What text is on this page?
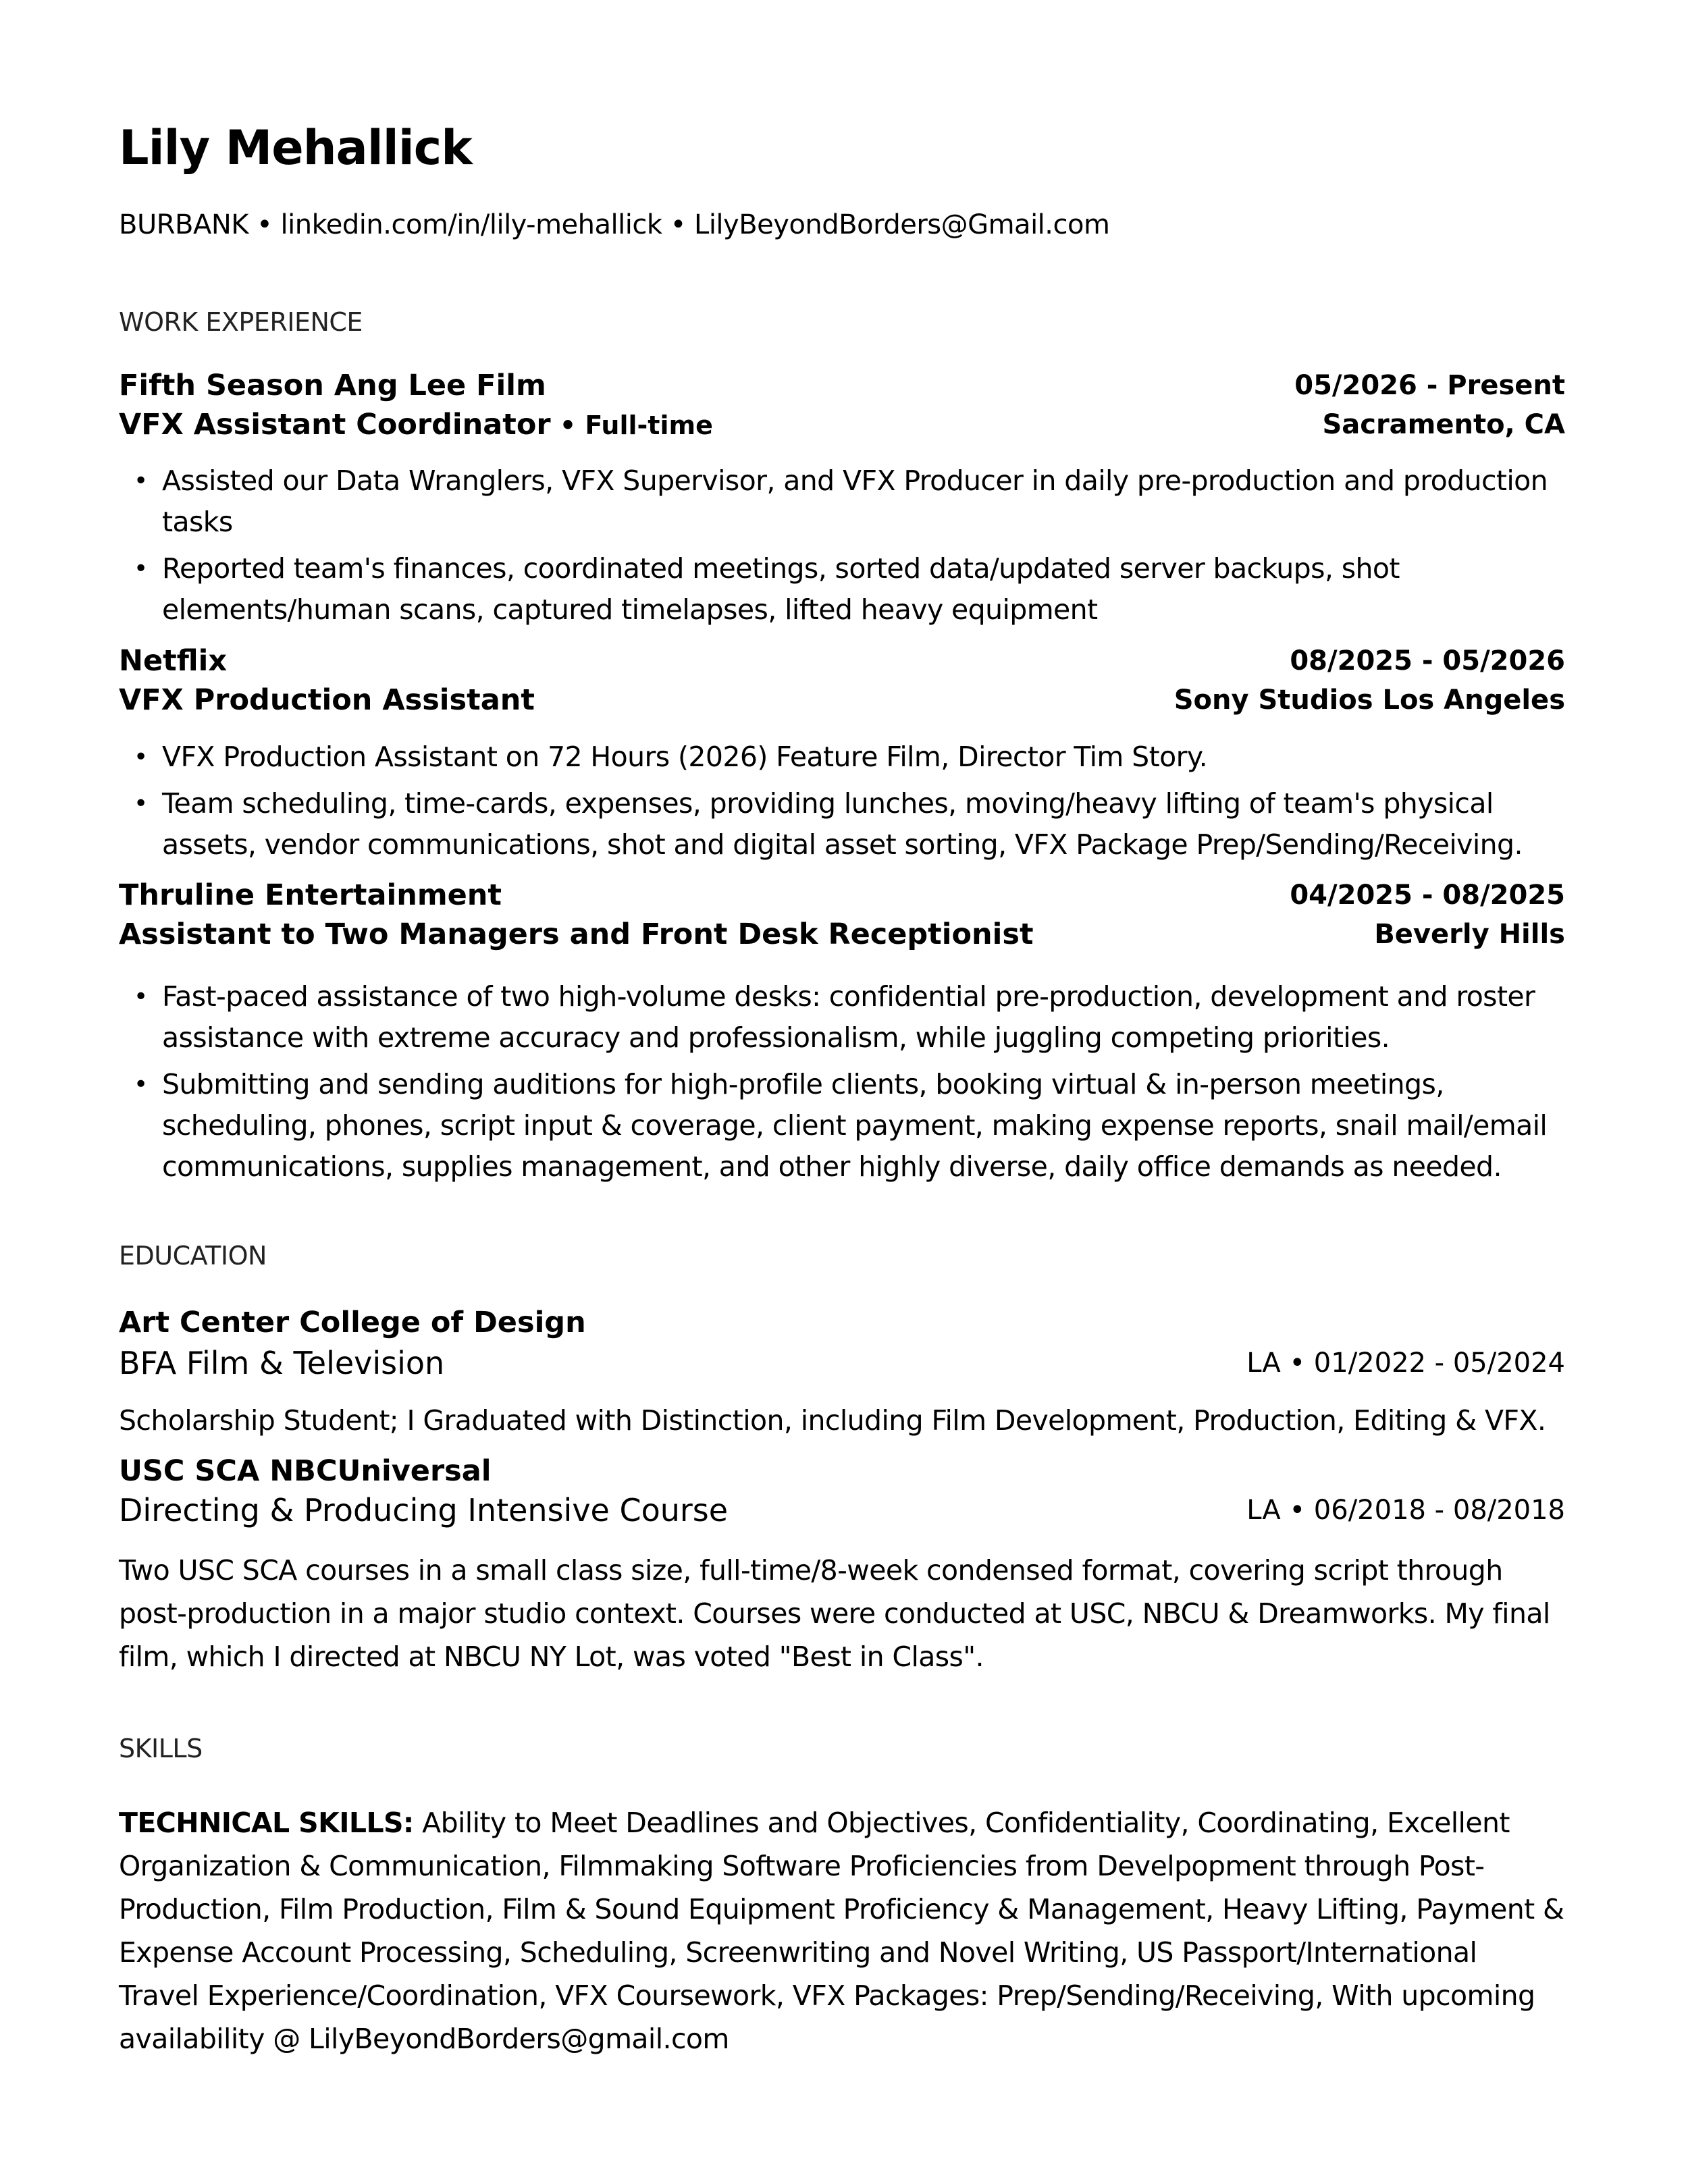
Lily Mehallick
BURBANK • linkedin.com/in/lily-mehallick • LilyBeyondBorders@Gmail.com
WORK EXPERIENCE
Fifth Season Ang Lee Film	05/2026 - Present
VFX Assistant Coordinator • Full-time	Sacramento, CA
• Assisted our Data Wranglers, VFX Supervisor, and VFX Producer in daily pre-production and production tasks
• Reported team's finances, coordinated meetings, sorted data/updated server backups, shot elements/human scans, captured timelapses, lifted heavy equipment
Netflix	08/2025 - 05/2026
VFX Production Assistant	Sony Studios Los Angeles
• VFX Production Assistant on 72 Hours (2026) Feature Film, Director Tim Story.
• Team scheduling, time-cards, expenses, providing lunches, moving/heavy lifting of team's physical assets, vendor communications, shot and digital asset sorting, VFX Package Prep/Sending/Receiving.
Thruline Entertainment	04/2025 - 08/2025
Assistant to Two Managers and Front Desk Receptionist	Beverly Hills
• Fast-paced assistance of two high-volume desks: confidential pre-production, development and roster assistance with extreme accuracy and professionalism, while juggling competing priorities.
• Submitting and sending auditions for high-profile clients, booking virtual & in-person meetings, scheduling, phones, script input & coverage, client payment, making expense reports, snail mail/email communications, supplies management, and other highly diverse, daily office demands as needed.
EDUCATION
Art Center College of Design
BFA Film & Television	LA • 01/2022 - 05/2024
Scholarship Student; I Graduated with Distinction, including Film Development, Production, Editing & VFX.
USC SCA NBCUniversal
Directing & Producing Intensive Course	LA • 06/2018 - 08/2018
Two USC SCA courses in a small class size, full-time/8-week condensed format, covering script through post-production in a major studio context. Courses were conducted at USC, NBCU & Dreamworks. My final film, which I directed at NBCU NY Lot, was voted "Best in Class".
SKILLS
TECHNICAL SKILLS: Ability to Meet Deadlines and Objectives, Confidentiality, Coordinating, Excellent Organization & Communication, Filmmaking Software Proficiencies from Develpopment through Post-Production, Film Production, Film & Sound Equipment Proficiency & Management, Heavy Lifting, Payment & Expense Account Processing, Scheduling, Screenwriting and Novel Writing, US Passport/International Travel Experience/Coordination, VFX Coursework, VFX Packages: Prep/Sending/Receiving, With upcoming availability @ LilyBeyondBorders@gmail.com
